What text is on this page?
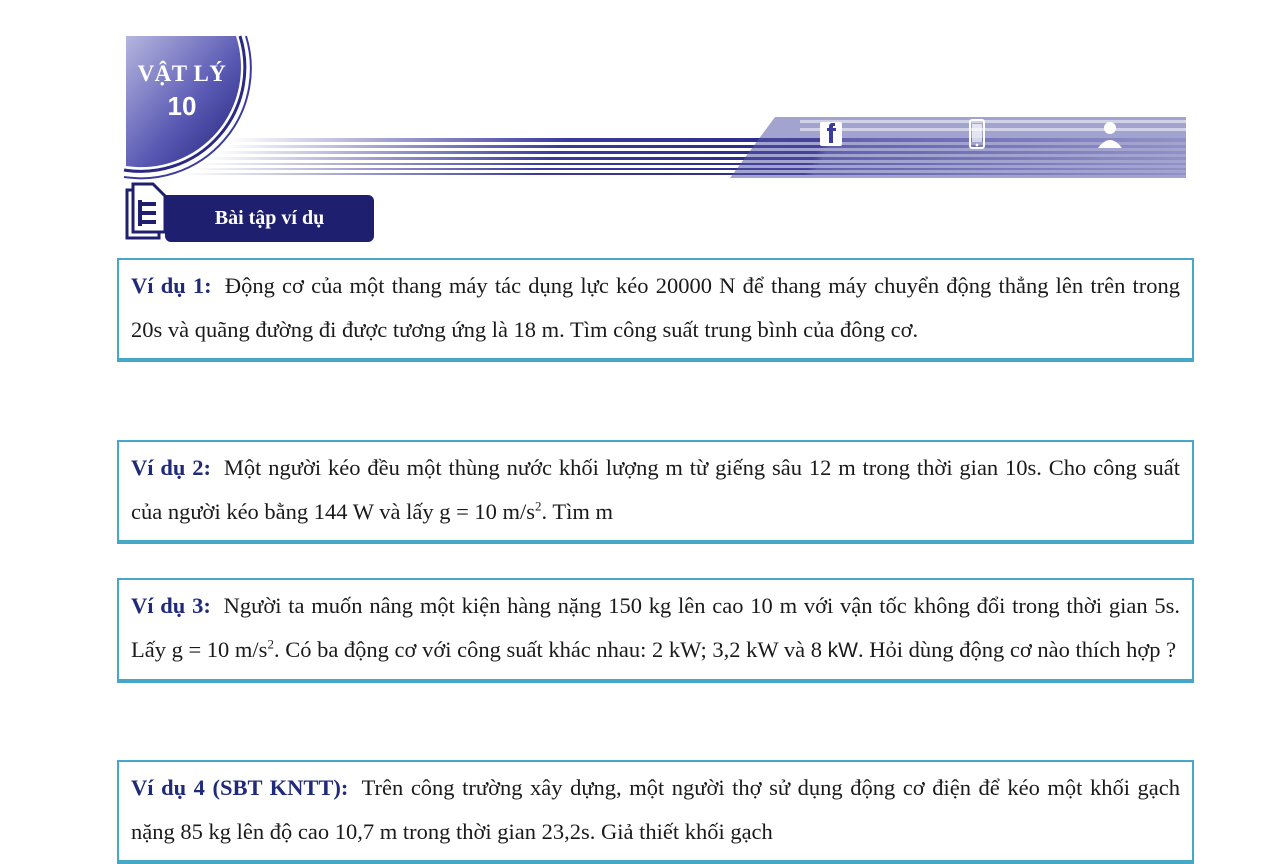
VẬT LÝ
10
Bài tập ví dụ
Ví dụ 1: Động cơ của một thang máy tác dụng lực kéo 20000 N để thang máy chuyển động thẳng lên trên trong 20s và quãng đường đi được tương ứng là 18 m. Tìm công suất trung bình của đông cơ.
Ví dụ 2: Một người kéo đều một thùng nước khối lượng m từ giếng sâu 12 m trong thời gian 10s. Cho công suất của người kéo bằng 144 W và lấy g = 10 $m/s^2$. Tìm m
Ví dụ 3: Người ta muốn nâng một kiện hàng nặng 150 kg lên cao 10 m với vận tốc không đổi trong thời gian 5s. Lấy g = 10 $m/s^2$. Có ba động cơ với công suất khác nhau: 2 kW; 3,2 kW và 8 kW. Hỏi dùng động cơ nào thích hợp ?
Ví dụ 4 (SBT KNTT): Trên công trường xây dựng, một người thợ sử dụng động cơ điện để kéo một khối gạch nặng 85 kg lên độ cao 10,7 m trong thời gian 23,2s. Giả thiết khối gạch
